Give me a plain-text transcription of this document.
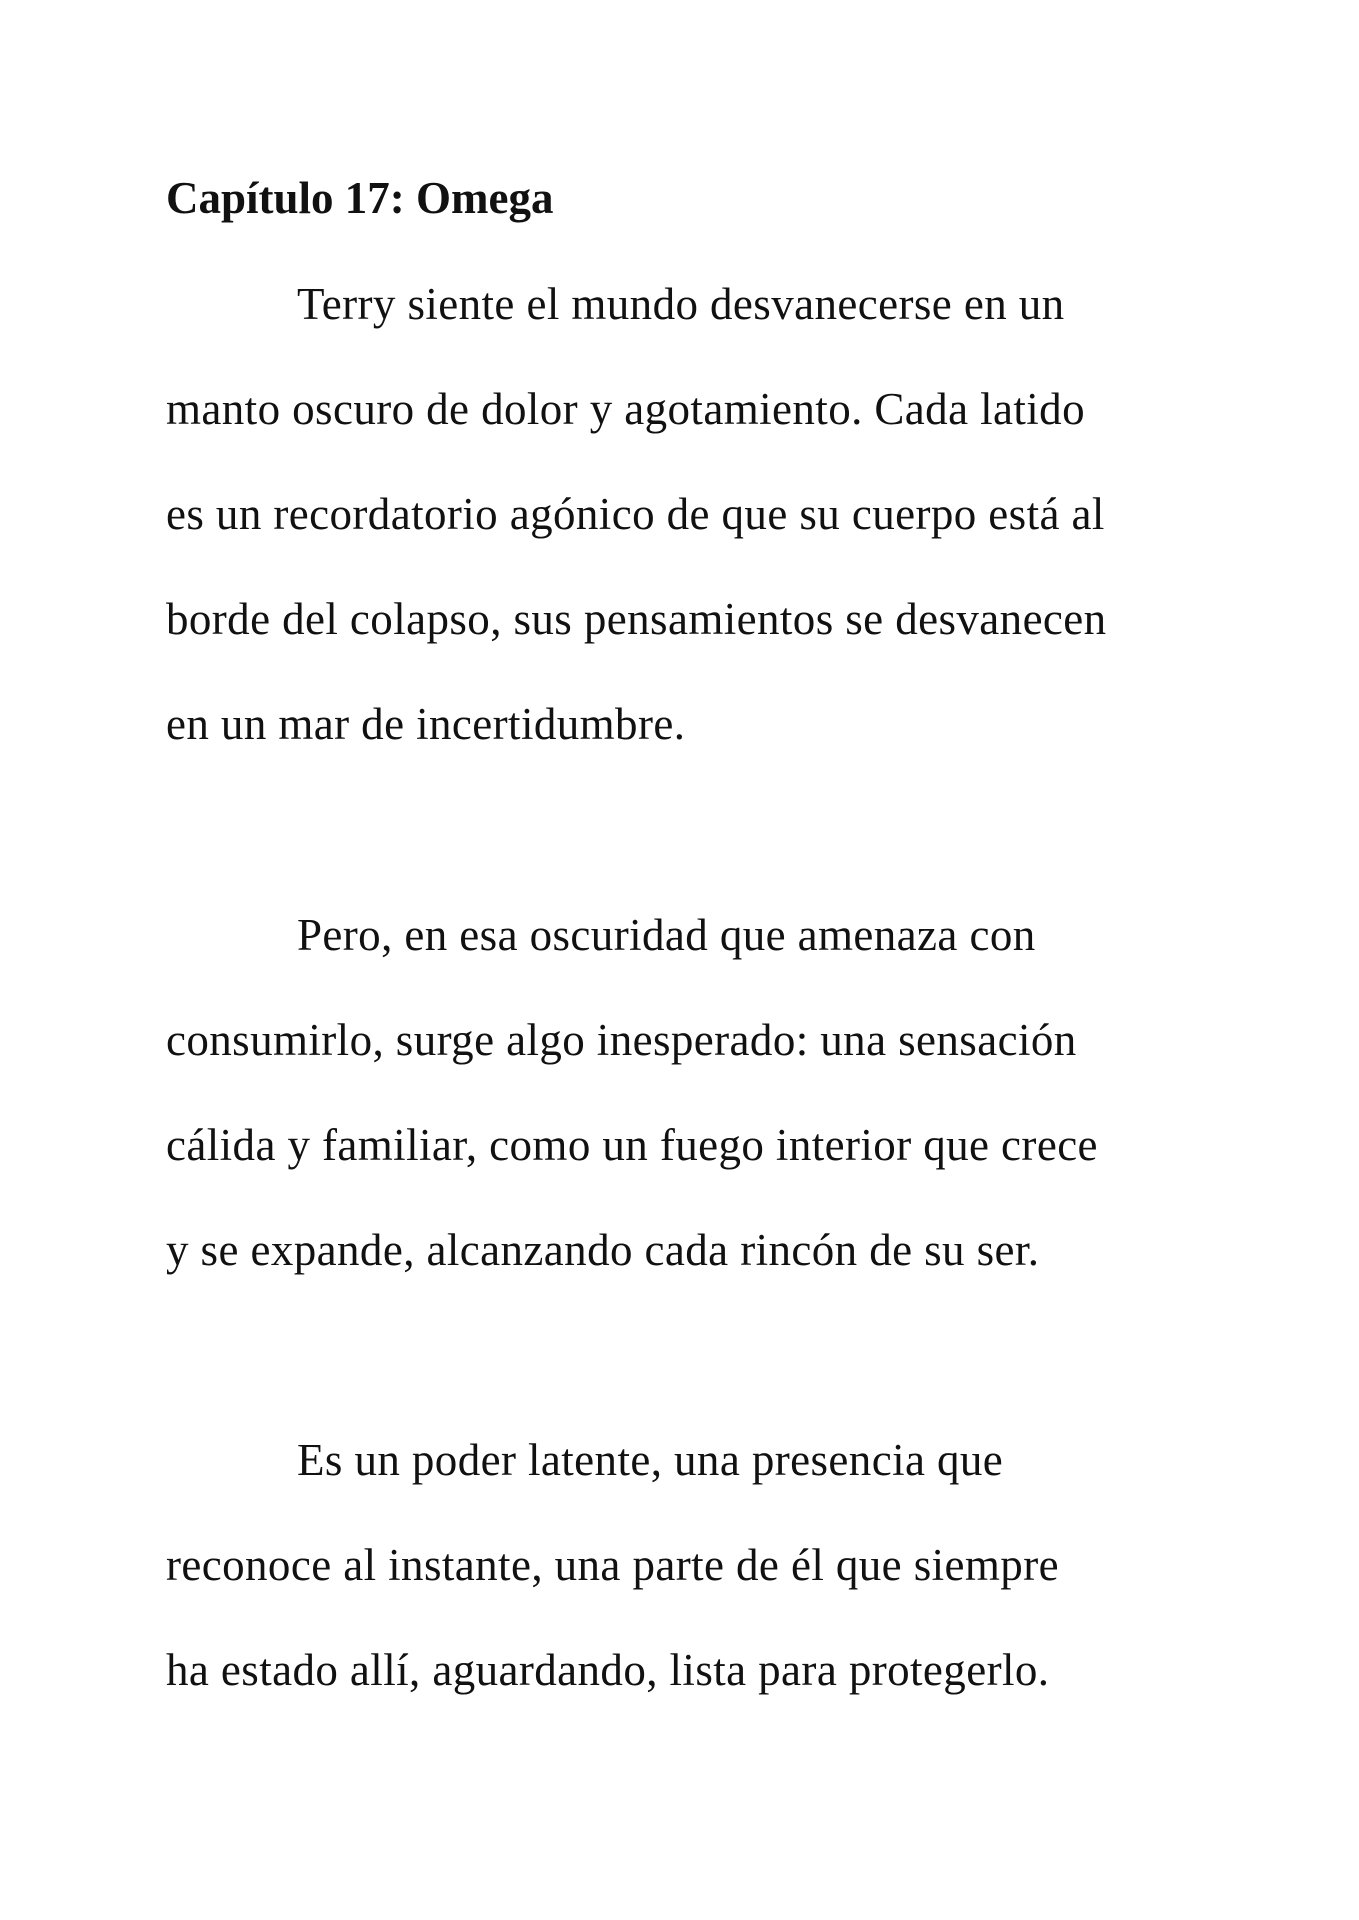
Capítulo 17: Omega

Terry siente el mundo desvanecerse en un

manto oscuro de dolor y agotamiento. Cada latido

es un recordatorio agónico de que su cuerpo está al

borde del colapso, sus pensamientos se desvanecen

en un mar de incertidumbre.

Pero, en esa oscuridad que amenaza con

consumirlo, surge algo inesperado: una sensación

cálida y familiar, como un fuego interior que crece

y se expande, alcanzando cada rincón de su ser.

Es un poder latente, una presencia que

reconoce al instante, una parte de él que siempre

ha estado allí, aguardando, lista para protegerlo.
